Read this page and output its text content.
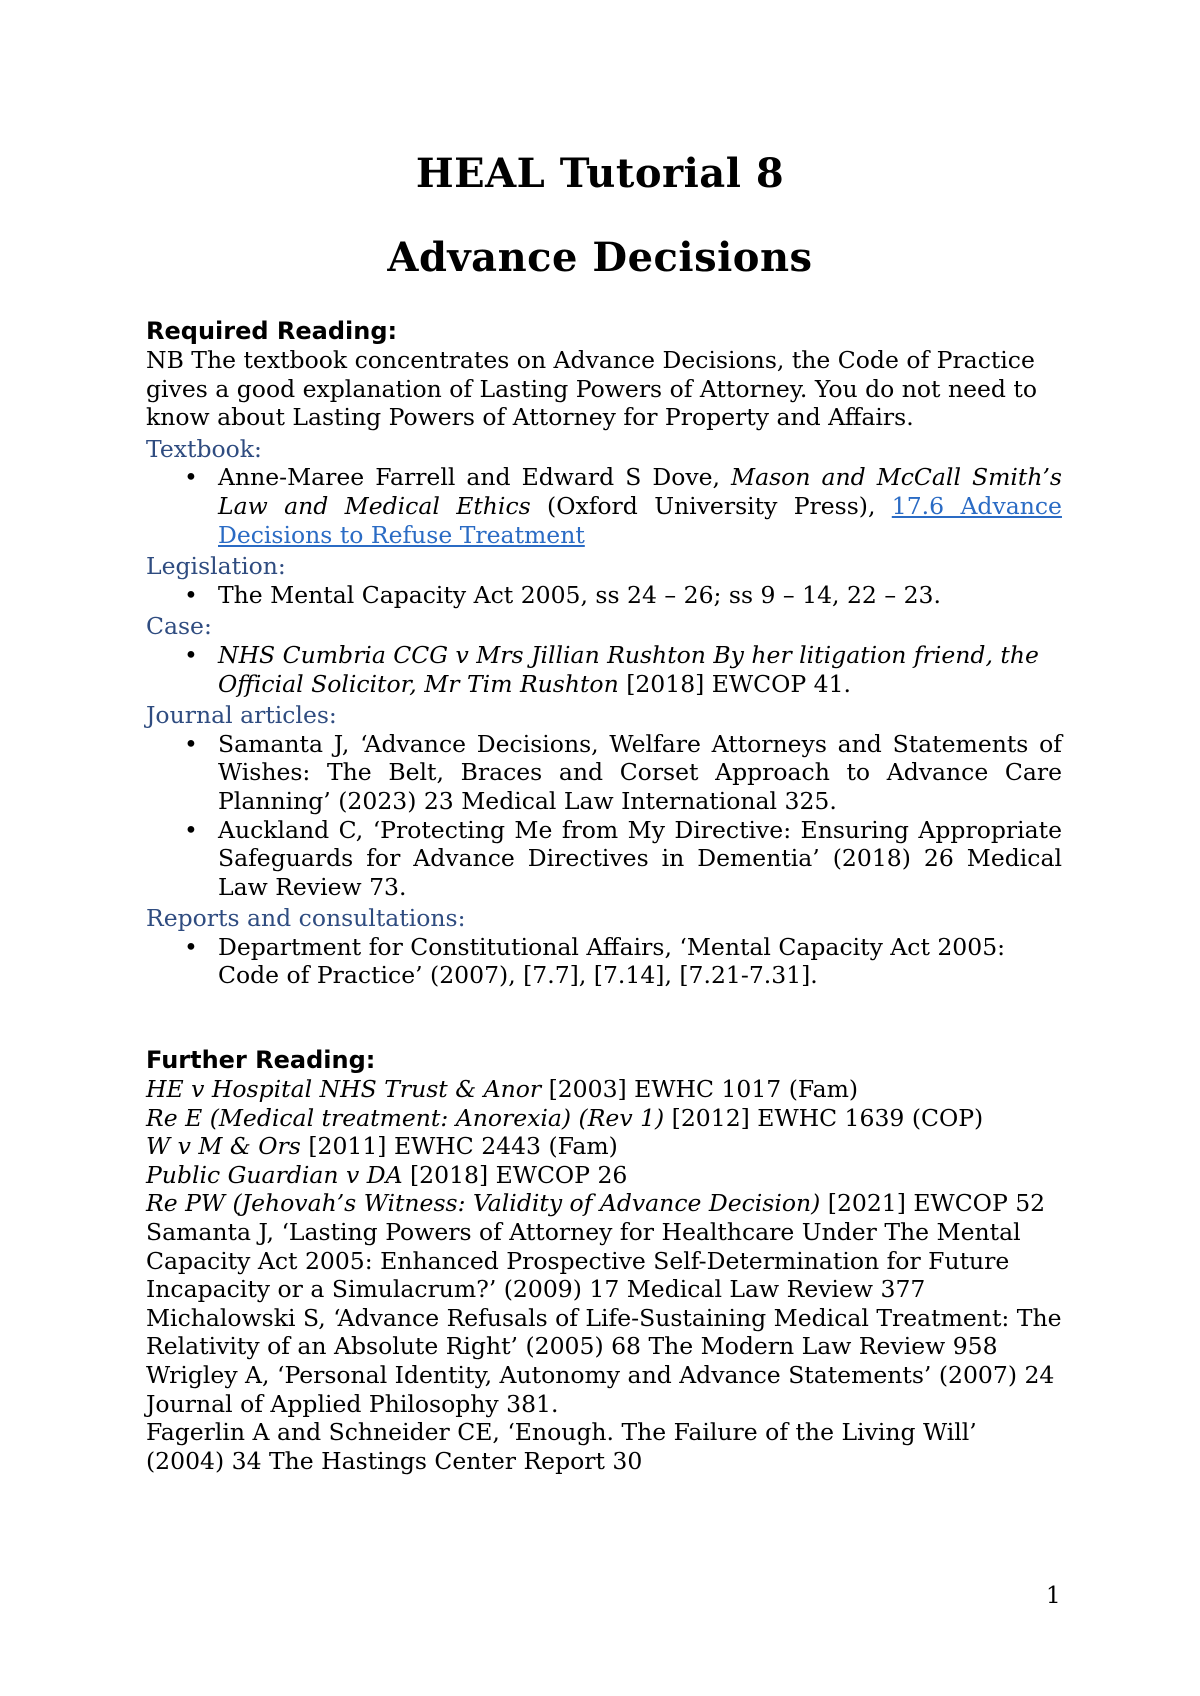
HEAL Tutorial 8
Advance Decisions
Required Reading:

NB The textbook concentrates on Advance Decisions, the Code of Practice gives a good explanation of Lasting Powers of Attorney. You do not need to know about Lasting Powers of Attorney for Property and Affairs.

Textbook:
• Anne-Maree Farrell and Edward S Dove, Mason and McCall Smith’s Law and Medical Ethics (Oxford University Press), 17.6 Advance Decisions to Refuse Treatment
Legislation:
• The Mental Capacity Act 2005, ss 24 – 26; ss 9 – 14, 22 – 23.
Case:
• NHS Cumbria CCG v Mrs Jillian Rushton By her litigation friend, the Official Solicitor, Mr Tim Rushton [2018] EWCOP 41.
Journal articles:
• Samanta J, ‘Advance Decisions, Welfare Attorneys and Statements of Wishes: The Belt, Braces and Corset Approach to Advance Care Planning’ (2023) 23 Medical Law International 325.
• Auckland C, ‘Protecting Me from My Directive: Ensuring Appropriate Safeguards for Advance Directives in Dementia’ (2018) 26 Medical Law Review 73.
Reports and consultations:
• Department for Constitutional Affairs, ‘Mental Capacity Act 2005: Code of Practice’ (2007), [7.7], [7.14], [7.21-7.31].
Further Reading:

HE v Hospital NHS Trust & Anor [2003] EWHC 1017 (Fam)

Re E (Medical treatment: Anorexia) (Rev 1) [2012] EWHC 1639 (COP)

W v M & Ors [2011] EWHC 2443 (Fam)

Public Guardian v DA [2018] EWCOP 26

Re PW (Jehovah’s Witness: Validity of Advance Decision) [2021] EWCOP 52

Samanta J, ‘Lasting Powers of Attorney for Healthcare Under The Mental Capacity Act 2005: Enhanced Prospective Self-Determination for Future Incapacity or a Simulacrum?’ (2009) 17 Medical Law Review 377

Michalowski S, ‘Advance Refusals of Life-Sustaining Medical Treatment: The Relativity of an Absolute Right’ (2005) 68 The Modern Law Review 958

Wrigley A, ‘Personal Identity, Autonomy and Advance Statements’ (2007) 24 Journal of Applied Philosophy 381.

Fagerlin A and Schneider CE, ‘Enough. The Failure of the Living Will’ (2004) 34 The Hastings Center Report 30

1
